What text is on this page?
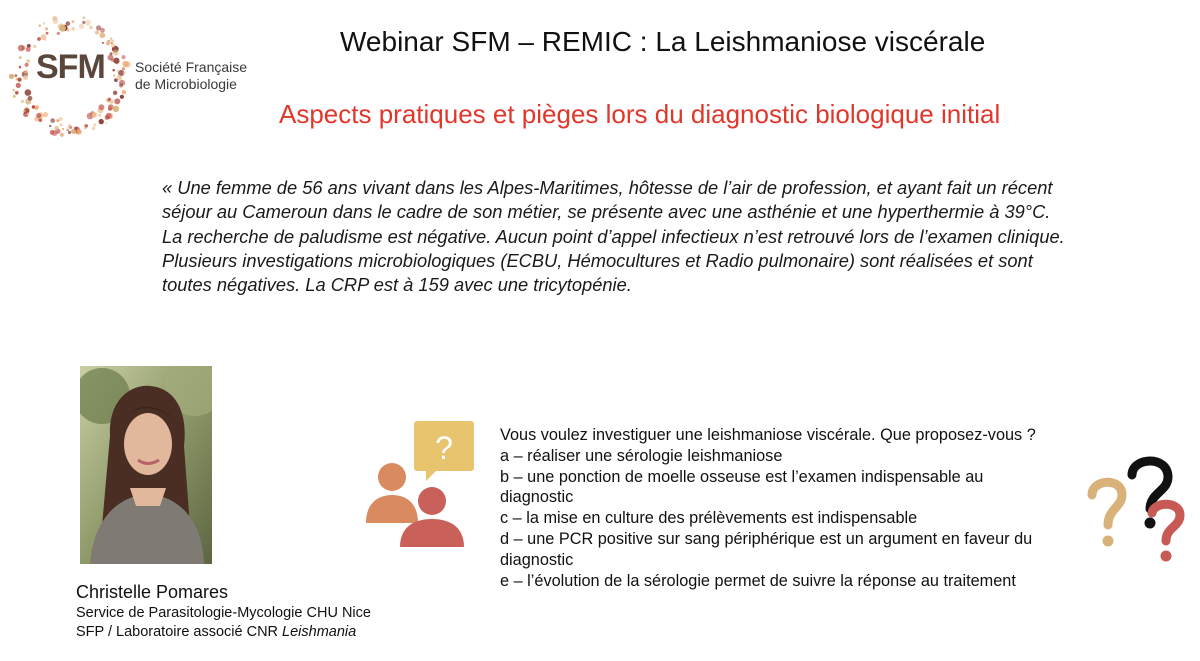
SFM Société Française
de Microbiologie
Webinar SFM – REMIC : La Leishmaniose viscérale
Aspects pratiques et pièges lors du diagnostic biologique initial
« Une femme de 56 ans vivant dans les Alpes-Maritimes, hôtesse de l’air de profession, et ayant fait un récent
séjour au Cameroun dans le cadre de son métier, se présente avec une asthénie et une hyperthermie à 39°C.
La recherche de paludisme est négative. Aucun point d’appel infectieux n’est retrouvé lors de l’examen clinique.
Plusieurs investigations microbiologiques (ECBU, Hémocultures et Radio pulmonaire) sont réalisées et sont
toutes négatives. La CRP est à 159 avec une tricytopénie.
Christelle Pomares
Service de Parasitologie-Mycologie CHU Nice
SFP / Laboratoire associé CNR Leishmania
?	Vous voulez investiguer une leishmaniose viscérale. Que proposez-vous ?
a – réaliser une sérologie leishmaniose
b – une ponction de moelle osseuse est l’examen indispensable au
diagnostic
c – la mise en culture des prélèvements est indispensable
d – une PCR positive sur sang périphérique est un argument en faveur du
diagnostic
e – l’évolution de la sérologie permet de suivre la réponse au traitement
